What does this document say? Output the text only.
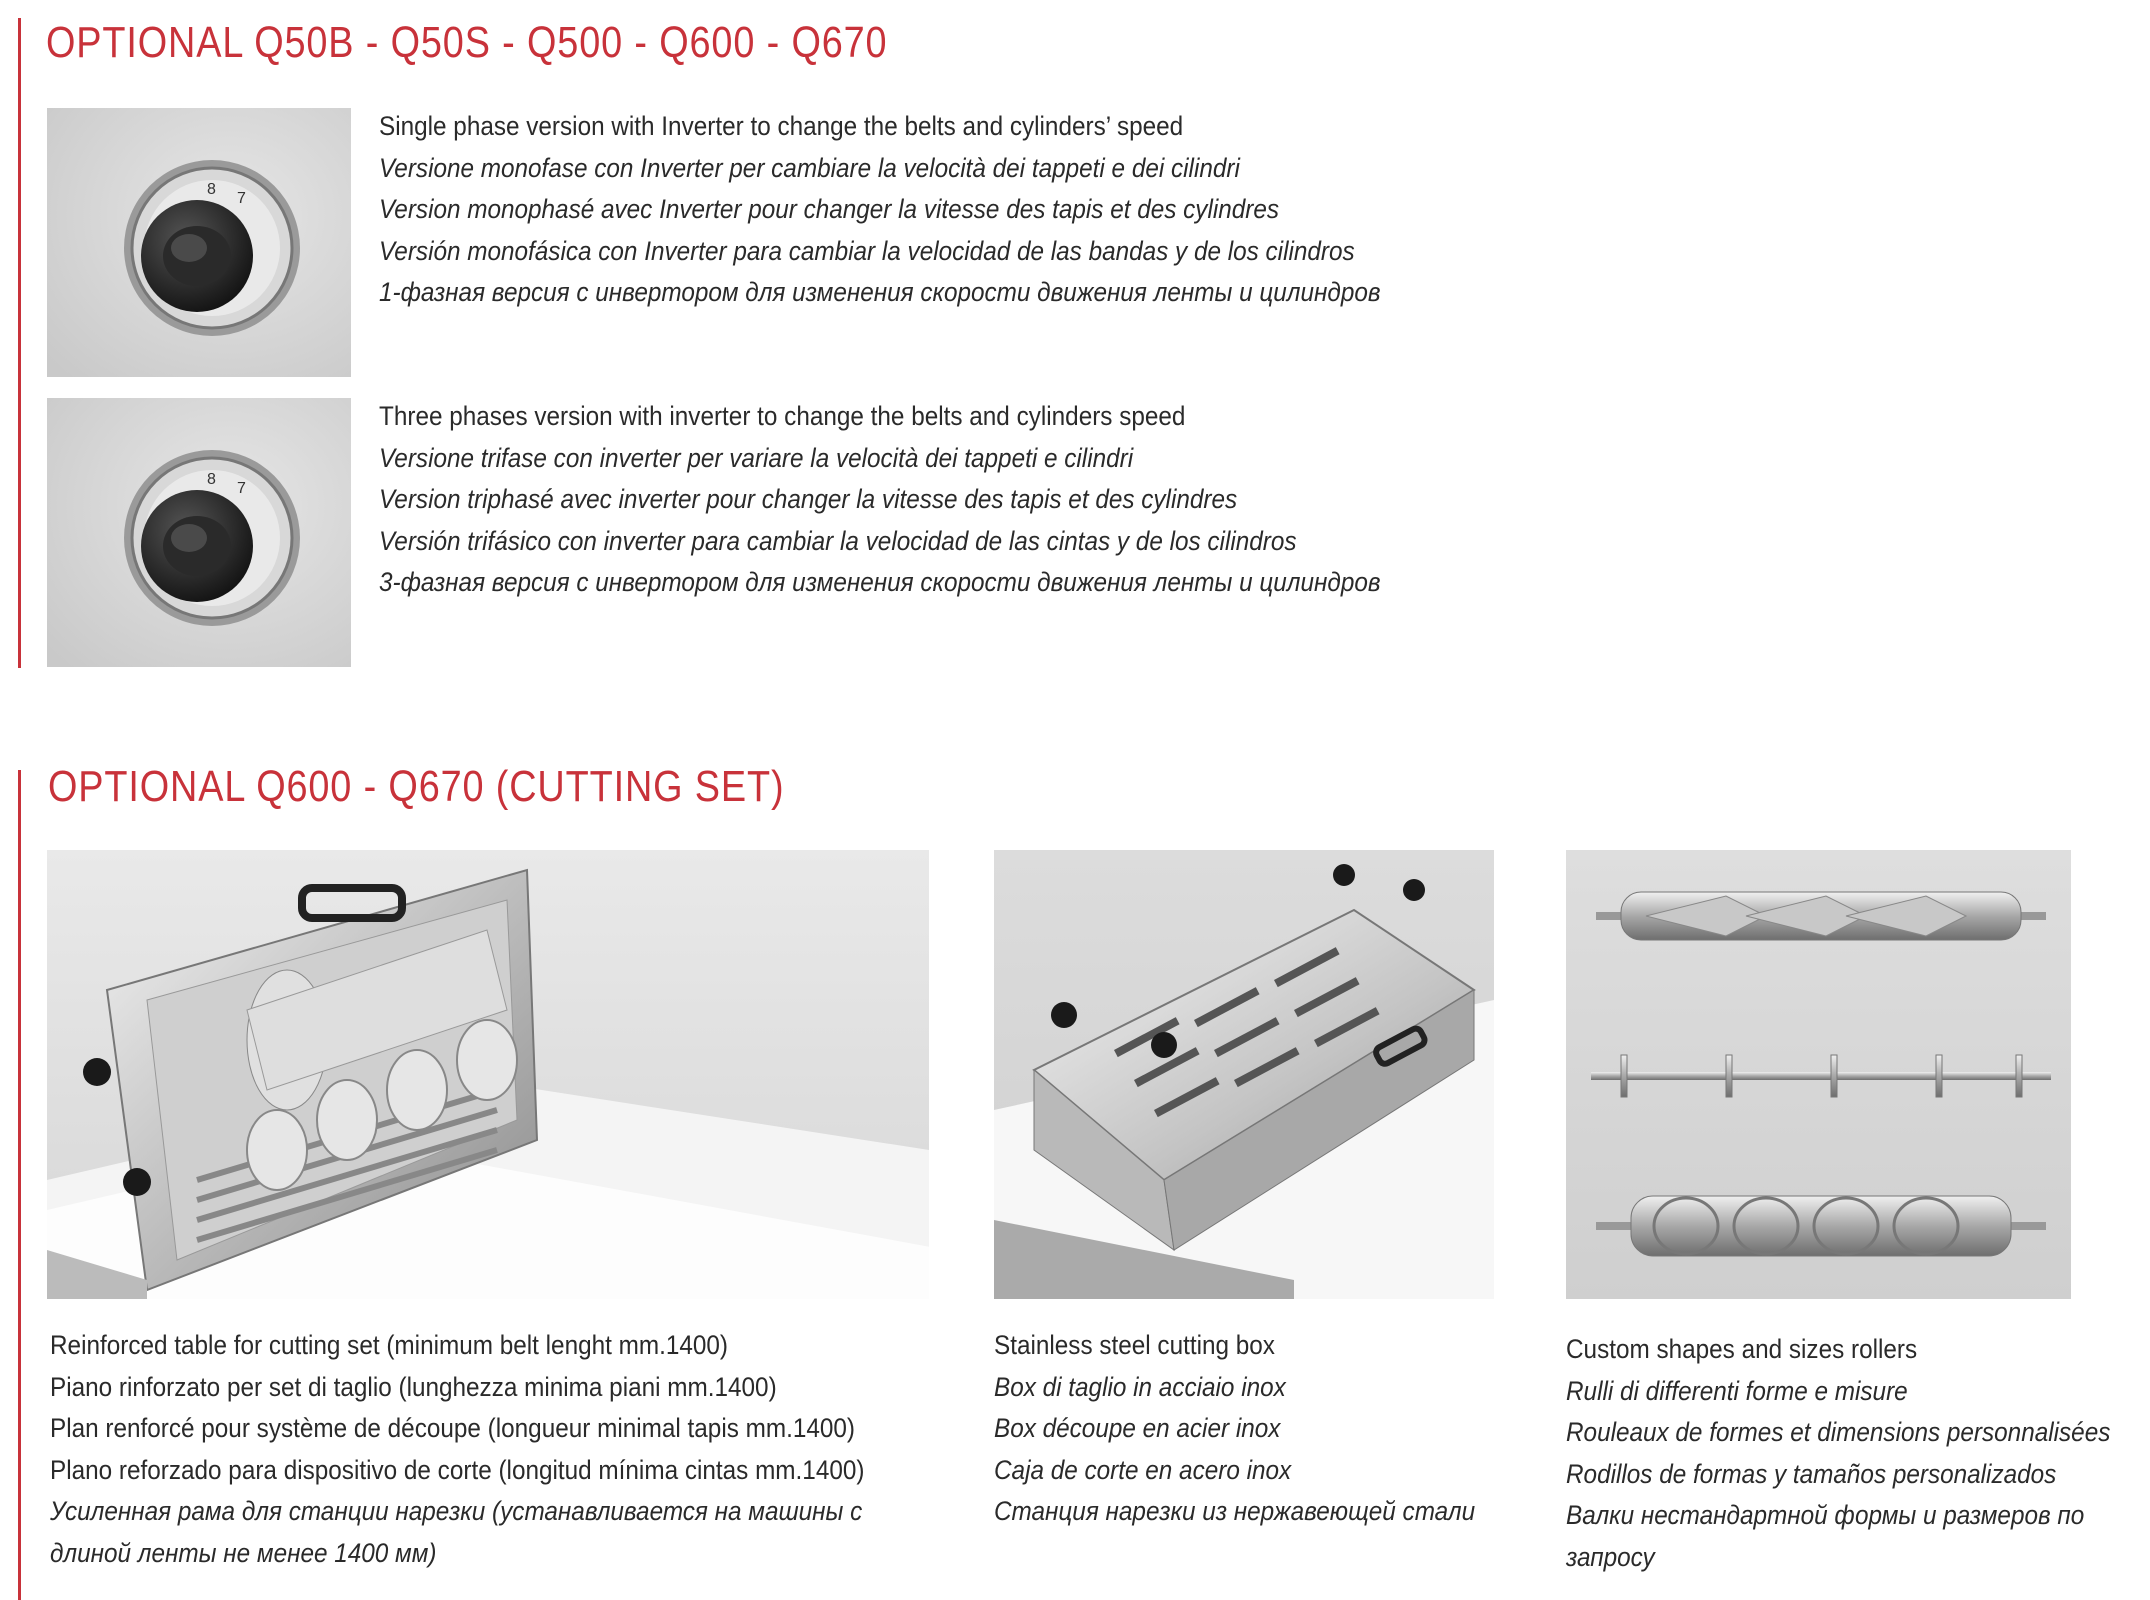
OPTIONAL Q50B - Q50S - Q500 - Q600 - Q670
8
7
Single phase version with Inverter to change the belts and cylinders’ speed
Versione monofase con Inverter per cambiare la velocità dei tappeti e dei cilindri
Version monophasé avec Inverter pour changer la vitesse des tapis et des cylindres
Versión monofásica con Inverter para cambiar la velocidad de las bandas y de los cilindros
1-фазная версия с инвертором для изменения скорости движения ленты и цилиндров
8
7
Three phases version with inverter to change the belts and cylinders speed
Versione trifase con inverter per variare la velocità dei tappeti e cilindri
Version triphasé avec inverter pour changer la vitesse des tapis et des cylindres
Versión trifásico con inverter para cambiar la velocidad de las cintas y de los cilindros
3-фазная версия с инвертором для изменения скорости движения ленты и цилиндров
OPTIONAL Q600 - Q670 (CUTTING SET)
Reinforced table for cutting set (minimum belt lenght mm.1400)
Piano rinforzato per set di taglio (lunghezza minima piani mm.1400)
Plan renforcé pour système de découpe (longueur minimal tapis mm.1400)
Plano reforzado para dispositivo de corte (longitud mínima cintas mm.1400)
Усиленная рама для станции нарезки (устанавливается на машины с
длиной ленты не менее 1400 мм)
Stainless steel cutting box
Box di taglio in acciaio inox
Box découpe en acier inox
Caja de corte en acero inox
Станция нарезки из нержавеющей стали
Custom shapes and sizes rollers
Rulli di differenti forme e misure
Rouleaux de formes et dimensions personnalisées
Rodillos de formas y tamaños personalizados
Валки нестандартной формы и размеров по
запросу
